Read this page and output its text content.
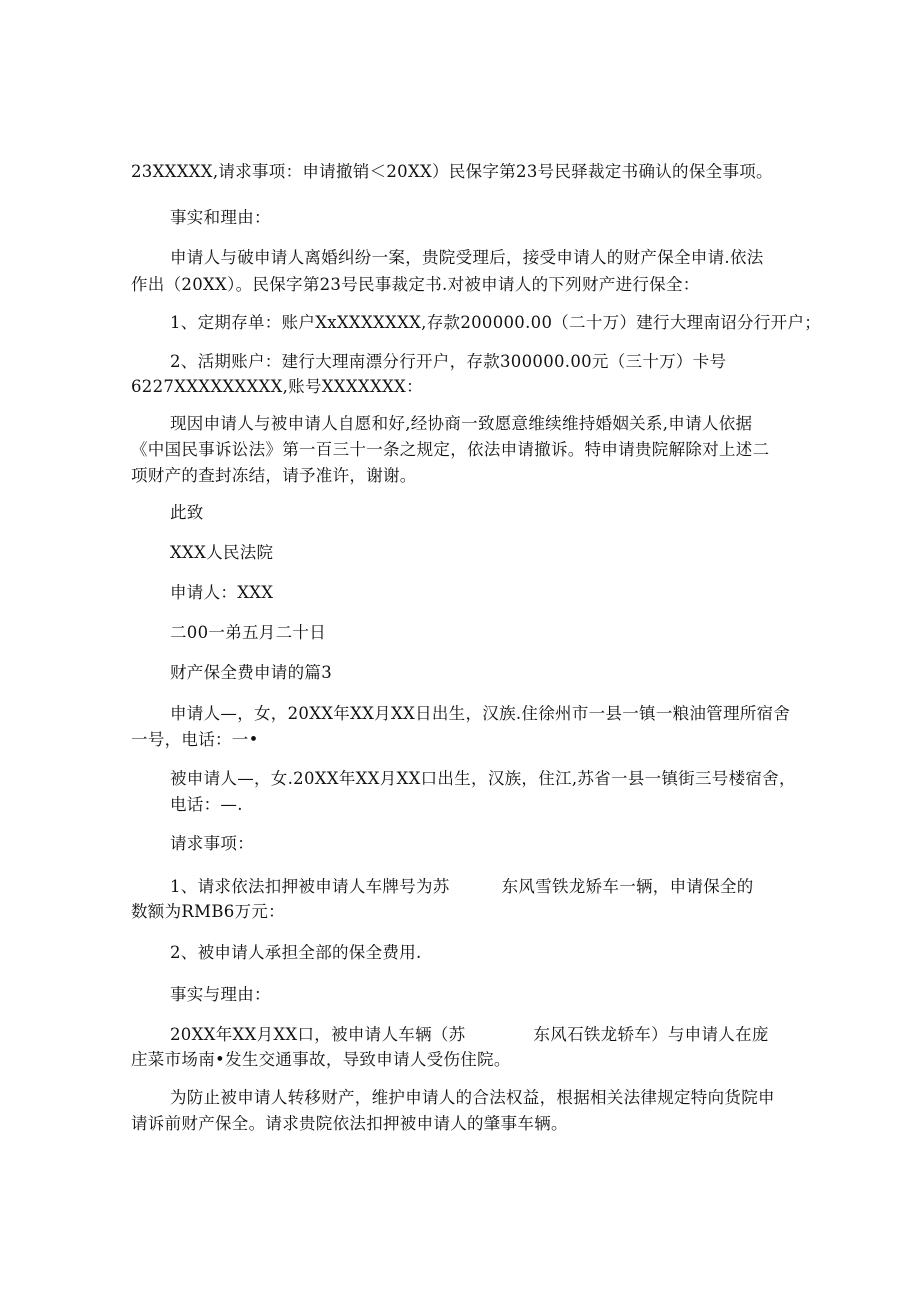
23XXXXX,请求事项：申请撤销＜20XX）民保字第23号民驿裁定书确认的保全事项。
事实和理由：
申请人与破申请人离婚纠纷一案，贵院受理后，接受申请人的财产保全申请.依法
作出（20XX）。民保字第23号民事裁定书.对被申请人的下列财产进行保全：
1、定期存单：账户XxXXXXXXX,存款200000.00（二十万）建行大理南诏分行开户；
2、活期账户：建行大理南漂分行开户，存款300000.00元（三十万）卡号
6227XXXXXXXXX,账号XXXXXXX：
现因申请人与被申请人自愿和好,经协商一致愿意维续维持婚姻关系,申请人依据
《中国民事诉讼法》第一百三十一条之规定，依法申请撤诉。特申请贵院解除对上述二
项财产的查封冻结，请予准许，谢谢。
此致
XXX人民法院
申请人：XXX
二00一弟五月二十日
财产保全费申请的篇3
申请人—，女，20XX年XX月XX日出生，汉族.住徐州市一县一镇一粮油管理所宿舍
一号，电话：一•
被申请人—，女.20XX年XX月XX口出生，汉族，住江,苏省一县一镇街三号楼宿舍，
电话：—.
请求事项：
1、请求依法扣押被申请人车牌号为苏	东风雪铁龙矫车一辆，申请保全的
数额为RMB6万元：
2、被申请人承担全部的保全费用.
事实与理由：
20XX年XX月XX口，被申请人车辆（苏	东风石铁龙轿车）与申请人在庞
庄菜市场南•发生交通事故，导致申请人受伤住院。
为防止被申请人转移财产，维护申请人的合法权益，根据相关法律规定特向货院申
请诉前财产保全。请求贵院依法扣押被申请人的肇事车辆。
